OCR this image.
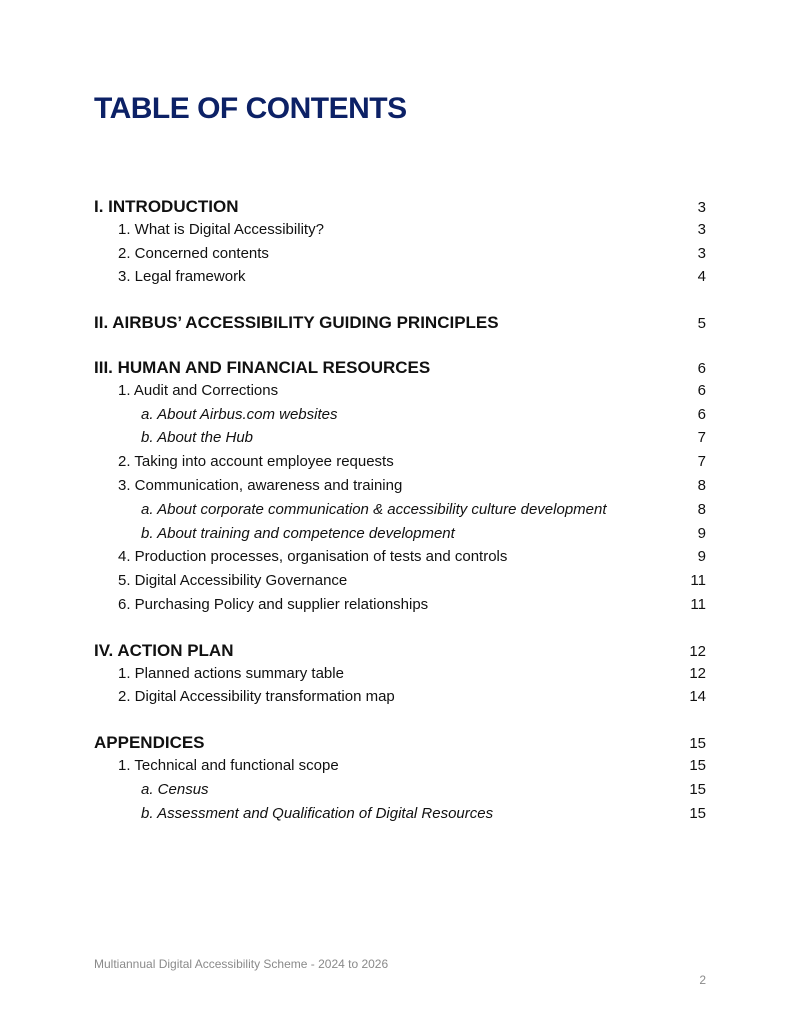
TABLE OF CONTENTS
I. INTRODUCTION	3
1. What is Digital Accessibility?	3
2. Concerned contents	3
3. Legal framework	4
II. AIRBUS’ ACCESSIBILITY GUIDING PRINCIPLES	5
III. HUMAN AND FINANCIAL RESOURCES	6
1. Audit and Corrections	6
a. About Airbus.com websites	6
b. About the Hub	7
2. Taking into account employee requests	7
3. Communication, awareness and training	8
a. About corporate communication & accessibility culture development	8
b. About training and competence development	9
4. Production processes, organisation of tests and controls	9
5. Digital Accessibility Governance	11
6. Purchasing Policy and supplier relationships	11
IV. ACTION PLAN	12
1. Planned actions summary table	12
2. Digital Accessibility transformation map	14
APPENDICES	15
1. Technical and functional scope	15
a. Census	15
b. Assessment and Qualification of Digital Resources	15
Multiannual Digital Accessibility Scheme - 2024 to 2026
2
